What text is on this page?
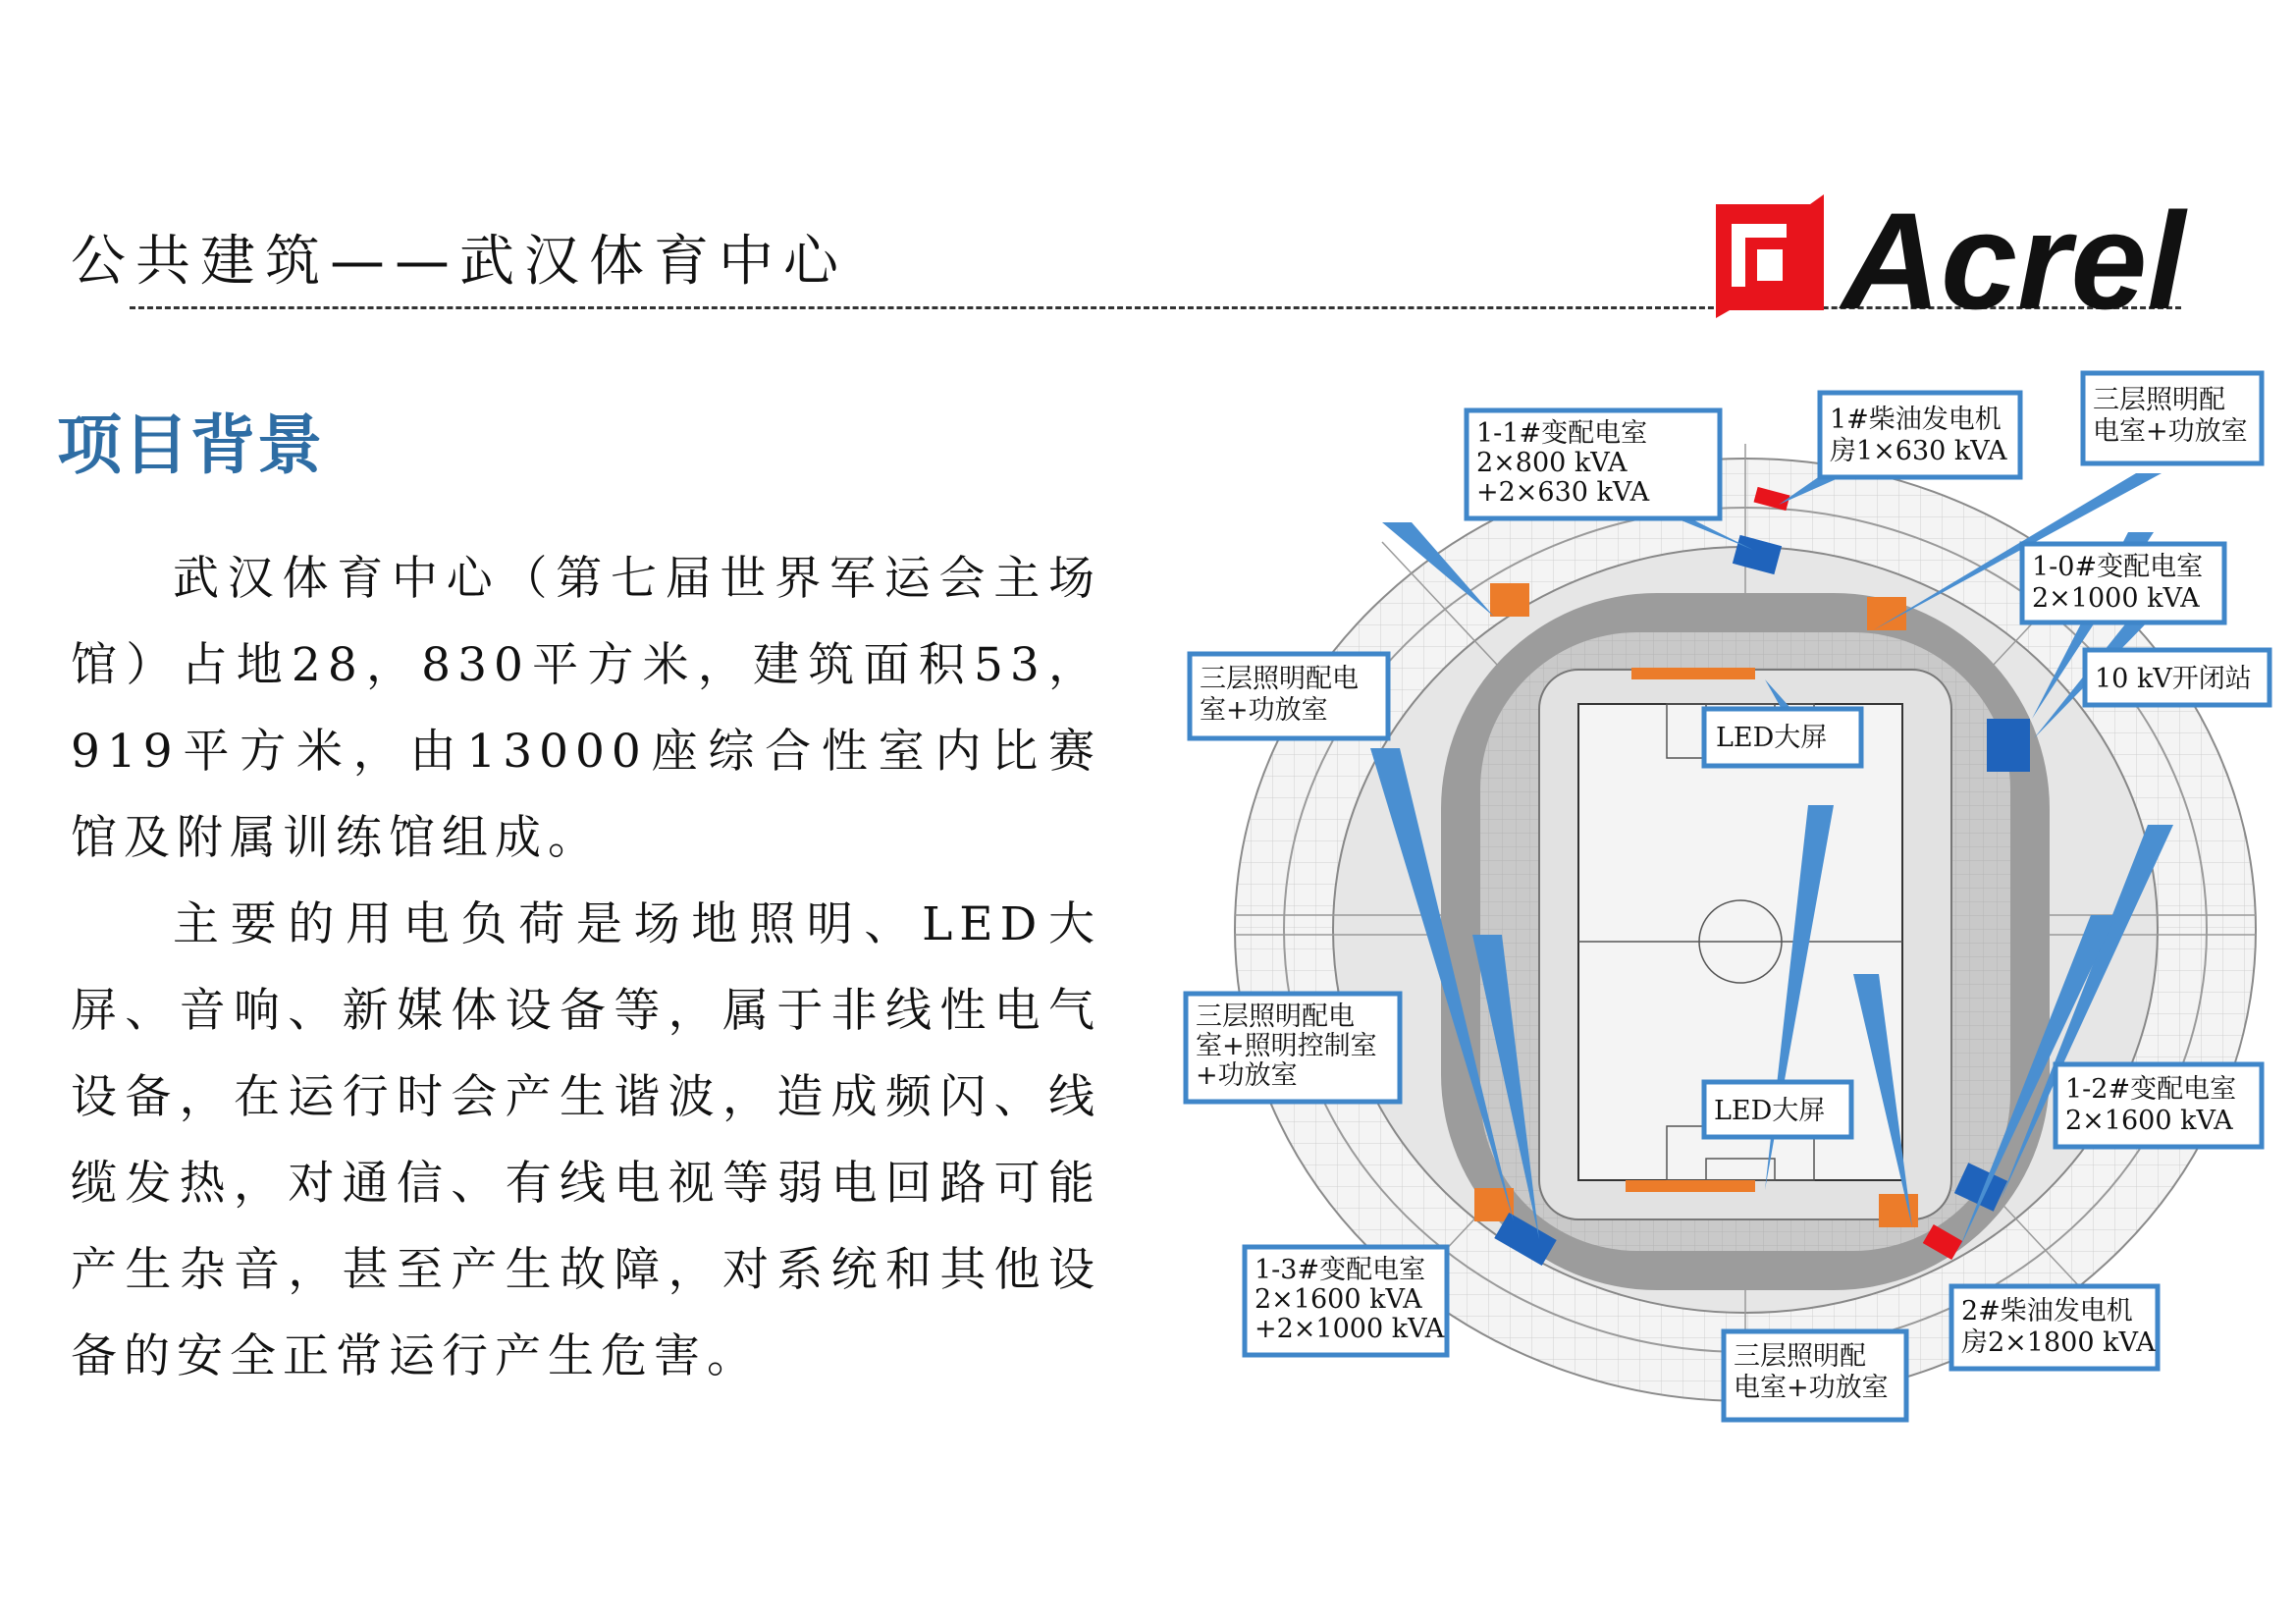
公共建筑——武汉体育中心	Acrel
项目背景

武汉体育中心（第七届世界军运会主场馆）占地28，830平方米，建筑面积53，919平方米，由13000座综合性室内比赛馆及附属训练馆组成。

主要的用电负荷是场地照明、LED大屏、音响、新媒体设备等，属于非线性电气设备，在运行时会产生谐波，造成频闪、线缆发热，对通信、有线电视等弱电回路可能产生杂音，甚至产生故障，对系统和其他设备的安全正常运行产生危害。

1-1#变配电室
2×800 kVA
+2×630 kVA
1#柴油发电机
房1×630 kVA
三层照明配
电室+功放室
1-0#变配电室
2×1000 kVA
10 kV开闭站
三层照明配电
室+功放室
LED大屏
三层照明配电
室+照明控制室
+功放室
LED大屏
1-2#变配电室
2×1600 kVA
1-3#变配电室
2×1600 kVA
+2×1000 kVA
三层照明配
电室+功放室
2#柴油发电机
房2×1800 kVA
